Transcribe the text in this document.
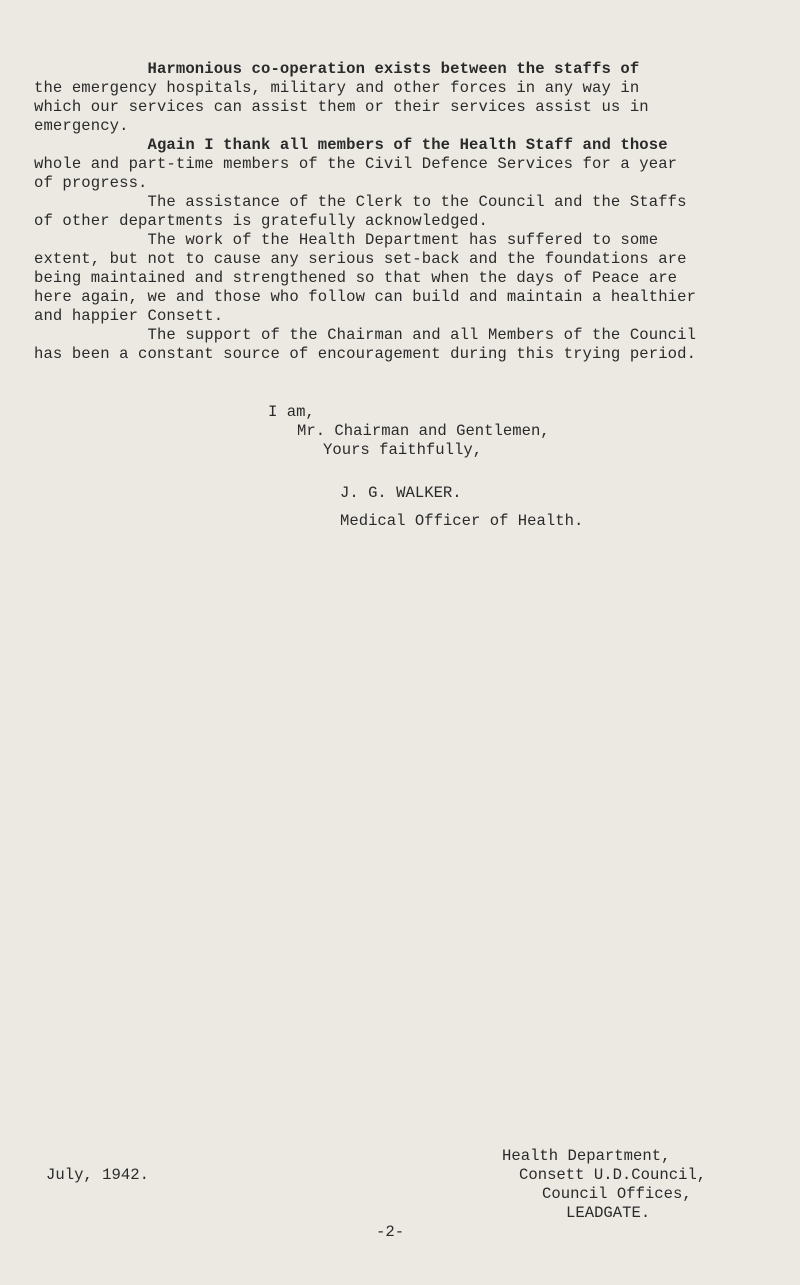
Harmonious co-operation exists between the staffs of
the emergency hospitals, military and other forces in any way in
which our services can assist them or their services assist us in
emergency.
Again I thank all members of the Health Staff and those
whole and part-time members of the Civil Defence Services for a year
of progress.
The assistance of the Clerk to the Council and the Staffs
of other departments is gratefully acknowledged.
The work of the Health Department has suffered to some
extent, but not to cause any serious set-back and the foundations are
being maintained and strengthened so that when the days of Peace are
here again, we and those who follow can build and maintain a healthier
and happier Consett.
The support of the Chairman and all Members of the Council
has been a constant source of encouragement during this trying period.
I am,
Mr. Chairman and Gentlemen,
Yours faithfully,
J. G. WALKER.
Medical Officer of Health.
July, 1942.
Health Department,
Consett U.D.Council,
Council Offices,
LEADGATE.
-2-
